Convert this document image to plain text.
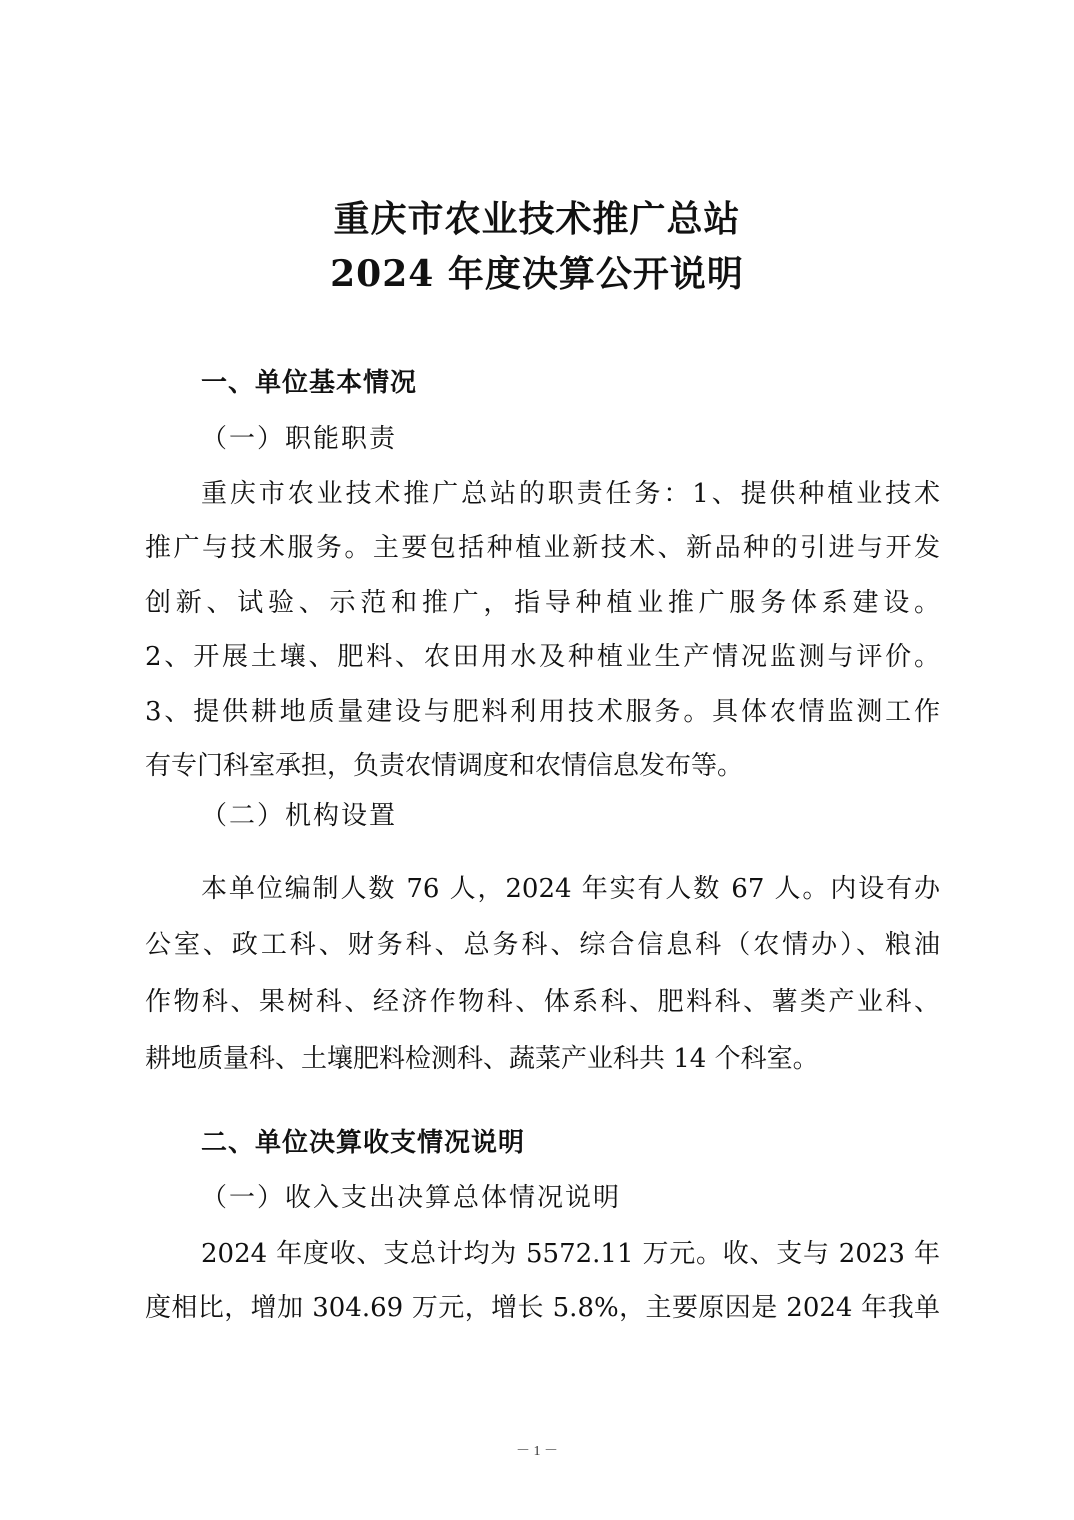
重庆市农业技术推广总站
2024 年度决算公开说明
一、单位基本情况
（一）职能职责
重庆市农业技术推广总站的职责任务：1、提供种植业技术
推广与技术服务。主要包括种植业新技术、新品种的引进与开发
创新、试验、示范和推广，指导种植业推广服务体系建设。
2、开展土壤、肥料、农田用水及种植业生产情况监测与评价。
3、提供耕地质量建设与肥料利用技术服务。具体农情监测工作
有专门科室承担，负责农情调度和农情信息发布等。
（二）机构设置
本单位编制人数 76 人，2024 年实有人数 67 人。内设有办
公室、政工科、财务科、总务科、综合信息科（农情办）、粮油
作物科、果树科、经济作物科、体系科、肥料科、薯类产业科、
耕地质量科、土壤肥料检测科、蔬菜产业科共 14 个科室。
二、单位决算收支情况说明
（一）收入支出决算总体情况说明
2024 年度收、支总计均为 5572.11 万元。收、支与 2023 年
度相比，增加 304.69 万元，增长 5.8%，主要原因是 2024 年我单
－ 1 －
